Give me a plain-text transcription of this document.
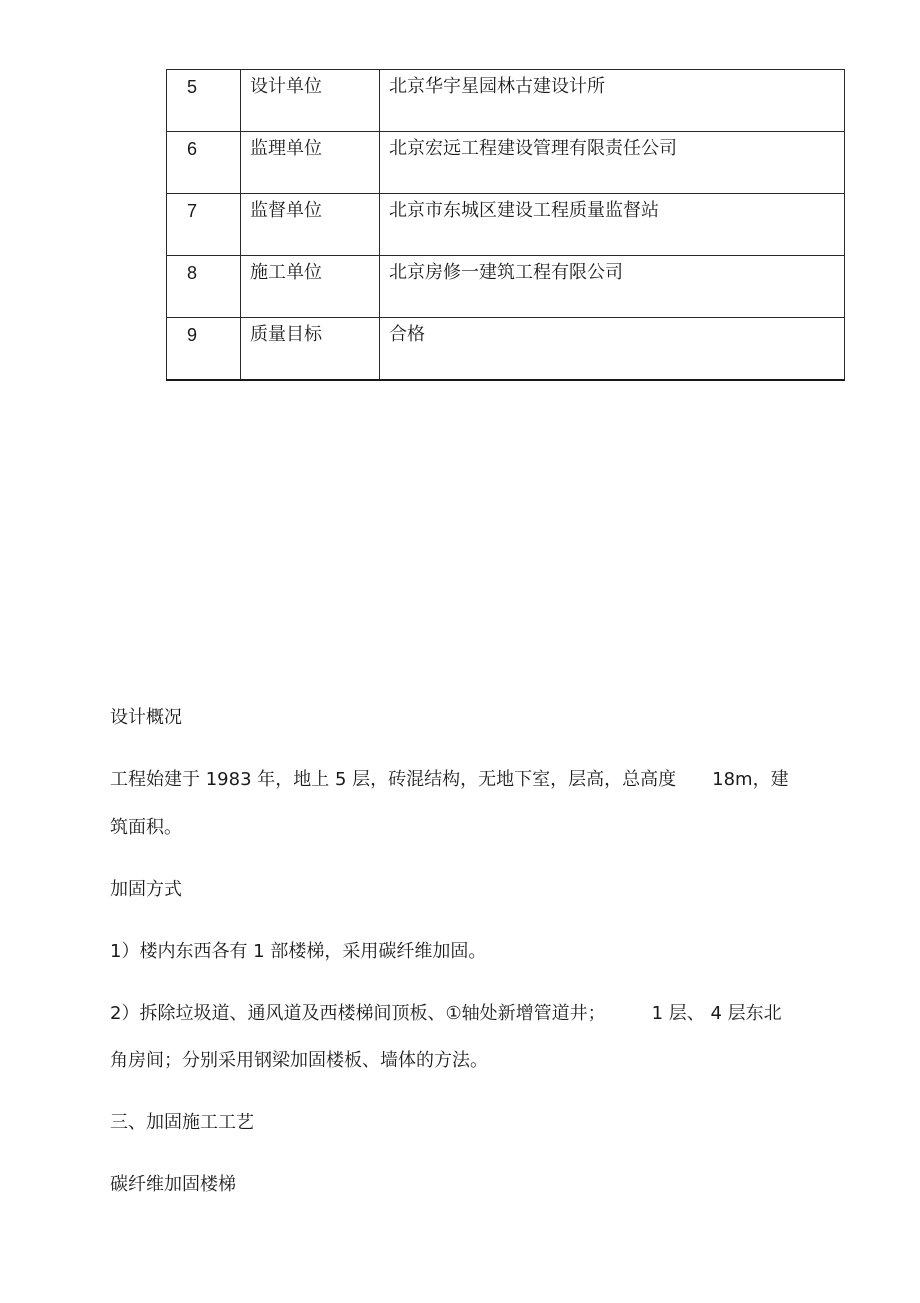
5	设计单位	北京华宇星园林古建设计所
6	监理单位	北京宏远工程建设管理有限责任公司
7	监督单位	北京市东城区建设工程质量监督站
8	施工单位	北京房修一建筑工程有限公司
9	质量目标	合格

设计概况

工程始建于 1983 年，地上 5 层，砖混结构，无地下室，层高，总高度 18m，建

筑面积。

加固方式

1）楼内东西各有 1 部楼梯，采用碳纤维加固。

2）拆除垃圾道、通风道及西楼梯间顶板、①轴处新增管道井；	1 层、 4 层东北

角房间；分别采用钢梁加固楼板、墙体的方法。

三、加固施工工艺

碳纤维加固楼梯
